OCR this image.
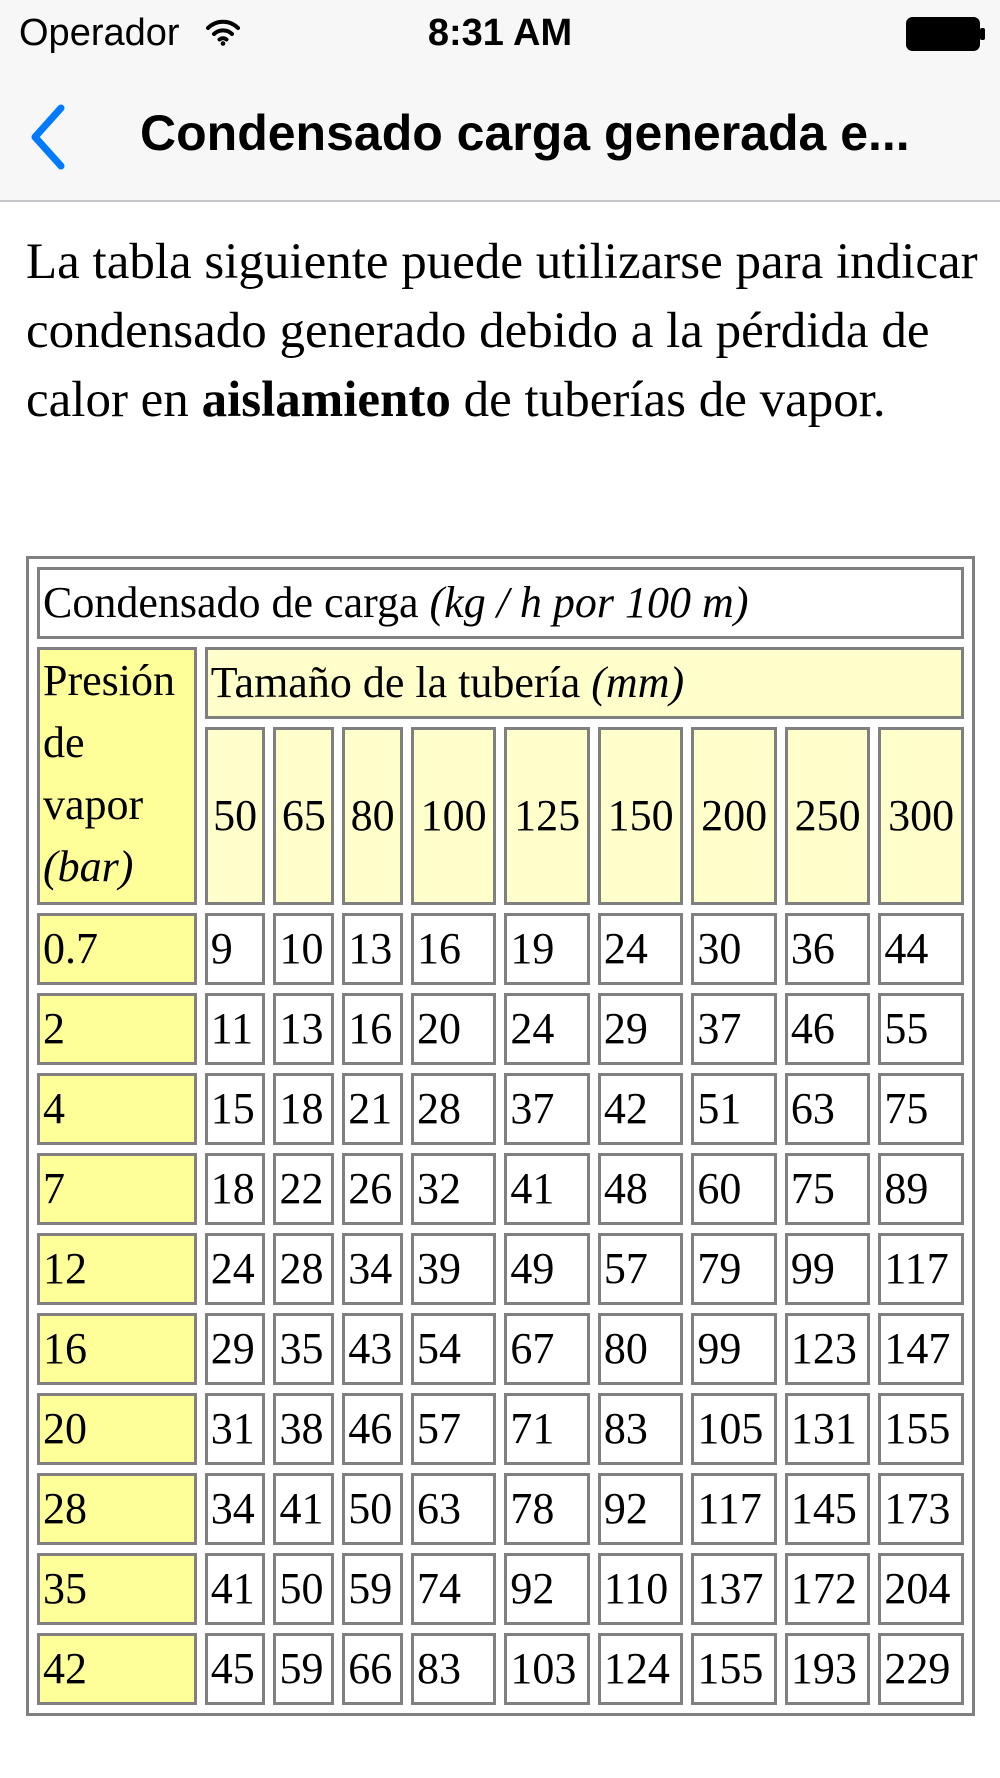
Operador	8:31 AM
Condensado carga generada e...

La tabla siguiente puede utilizarse para indicar condensado generado debido a la pérdida de calor en aislamiento de tuberías de vapor.

Condensado de carga (kg / h por 100 m)									
Presión de vapor (bar)	Tamaño de la tubería (mm)								
	50	65	80	100	125	150	200	250	300
0.7	9	10	13	16	19	24	30	36	44
2	11	13	16	20	24	29	37	46	55
4	15	18	21	28	37	42	51	63	75
7	18	22	26	32	41	48	60	75	89
12	24	28	34	39	49	57	79	99	117
16	29	35	43	54	67	80	99	123	147
20	31	38	46	57	71	83	105	131	155
28	34	41	50	63	78	92	117	145	173
35	41	50	59	74	92	110	137	172	204
42	45	59	66	83	103	124	155	193	229
